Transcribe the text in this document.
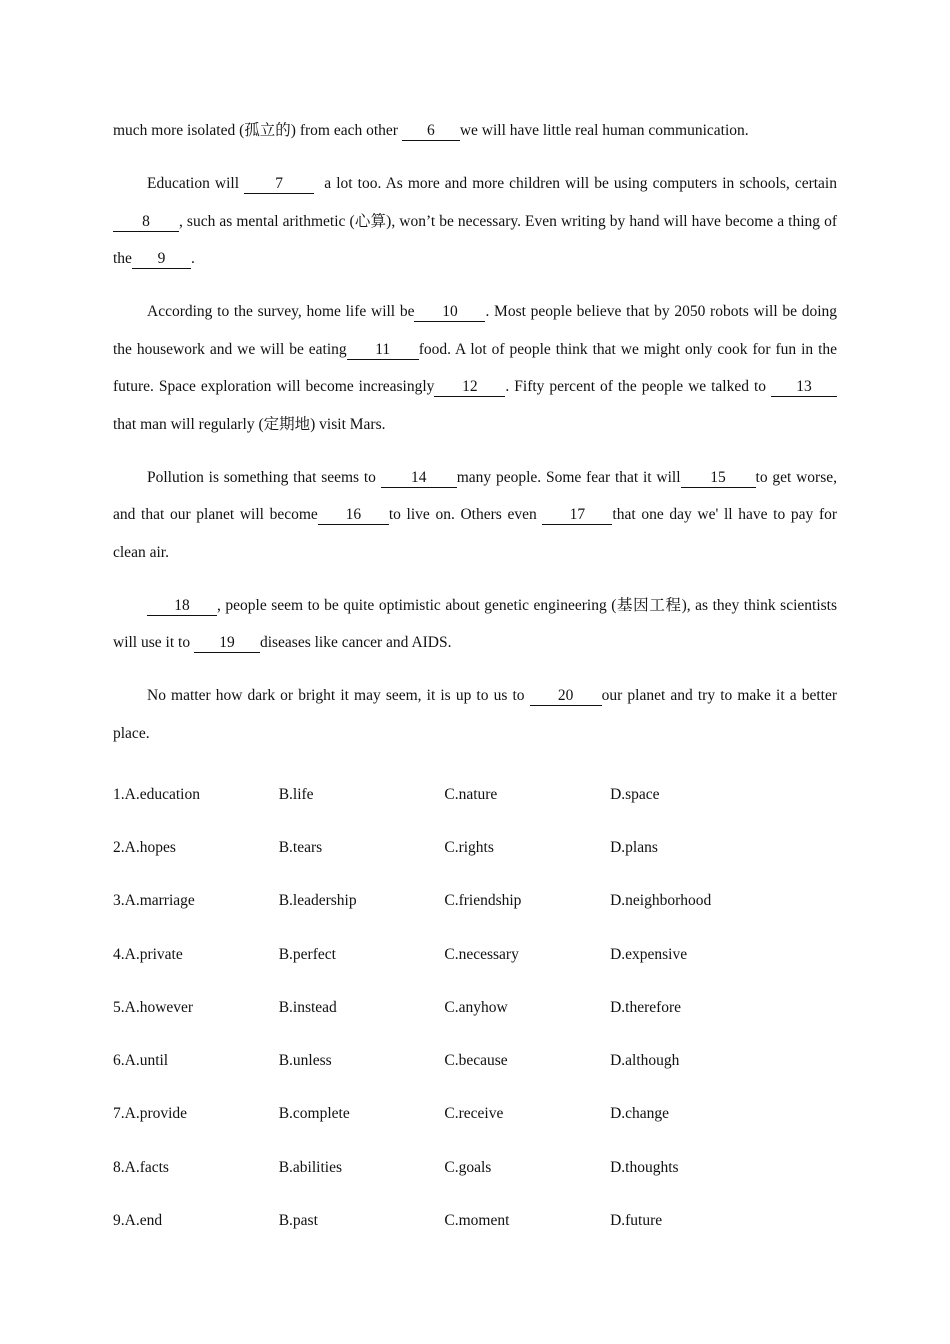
much more isolated (孤立的) from each other 6 we will have little real human communication.

Education will 7  a lot too. As more and more children will be using computers in schools, certain 8 , such as mental arithmetic (心算), won’t be necessary. Even writing by hand will have become a thing of the 9 .

According to the survey, home life will be 10 . Most people believe that by 2050 robots will be doing the housework and we will be eating 11 food. A lot of people think that we might only cook for fun in the future. Space exploration will become increasingly 12 . Fifty percent of the people we talked to 13that man will regularly (定期地) visit Mars.

Pollution is something that seems to 14 many people. Some fear that it will 15 to get worse, and that our planet will become 16 to live on. Others even 17 that one day we' ll have to pay for clean air.

18 , people seem to be quite optimistic about genetic engineering (基因工程), as they think scientists will use it to 19 diseases like cancer and AIDS.

No matter how dark or bright it may seem, it is up to us to 20 our planet and try to make it a better place.

1.A.education	B.life	C.nature	D.space
2.A.hopes	B.tears	C.rights	D.plans
3.A.marriage	B.leadership	C.friendship	D.neighborhood
4.A.private	B.perfect	C.necessary	D.expensive
5.A.however	B.instead	C.anyhow	D.therefore
6.A.until	B.unless	C.because	D.although
7.A.provide	B.complete	C.receive	D.change
8.A.facts	B.abilities	C.goals	D.thoughts
9.A.end	B.past	C.moment	D.future
